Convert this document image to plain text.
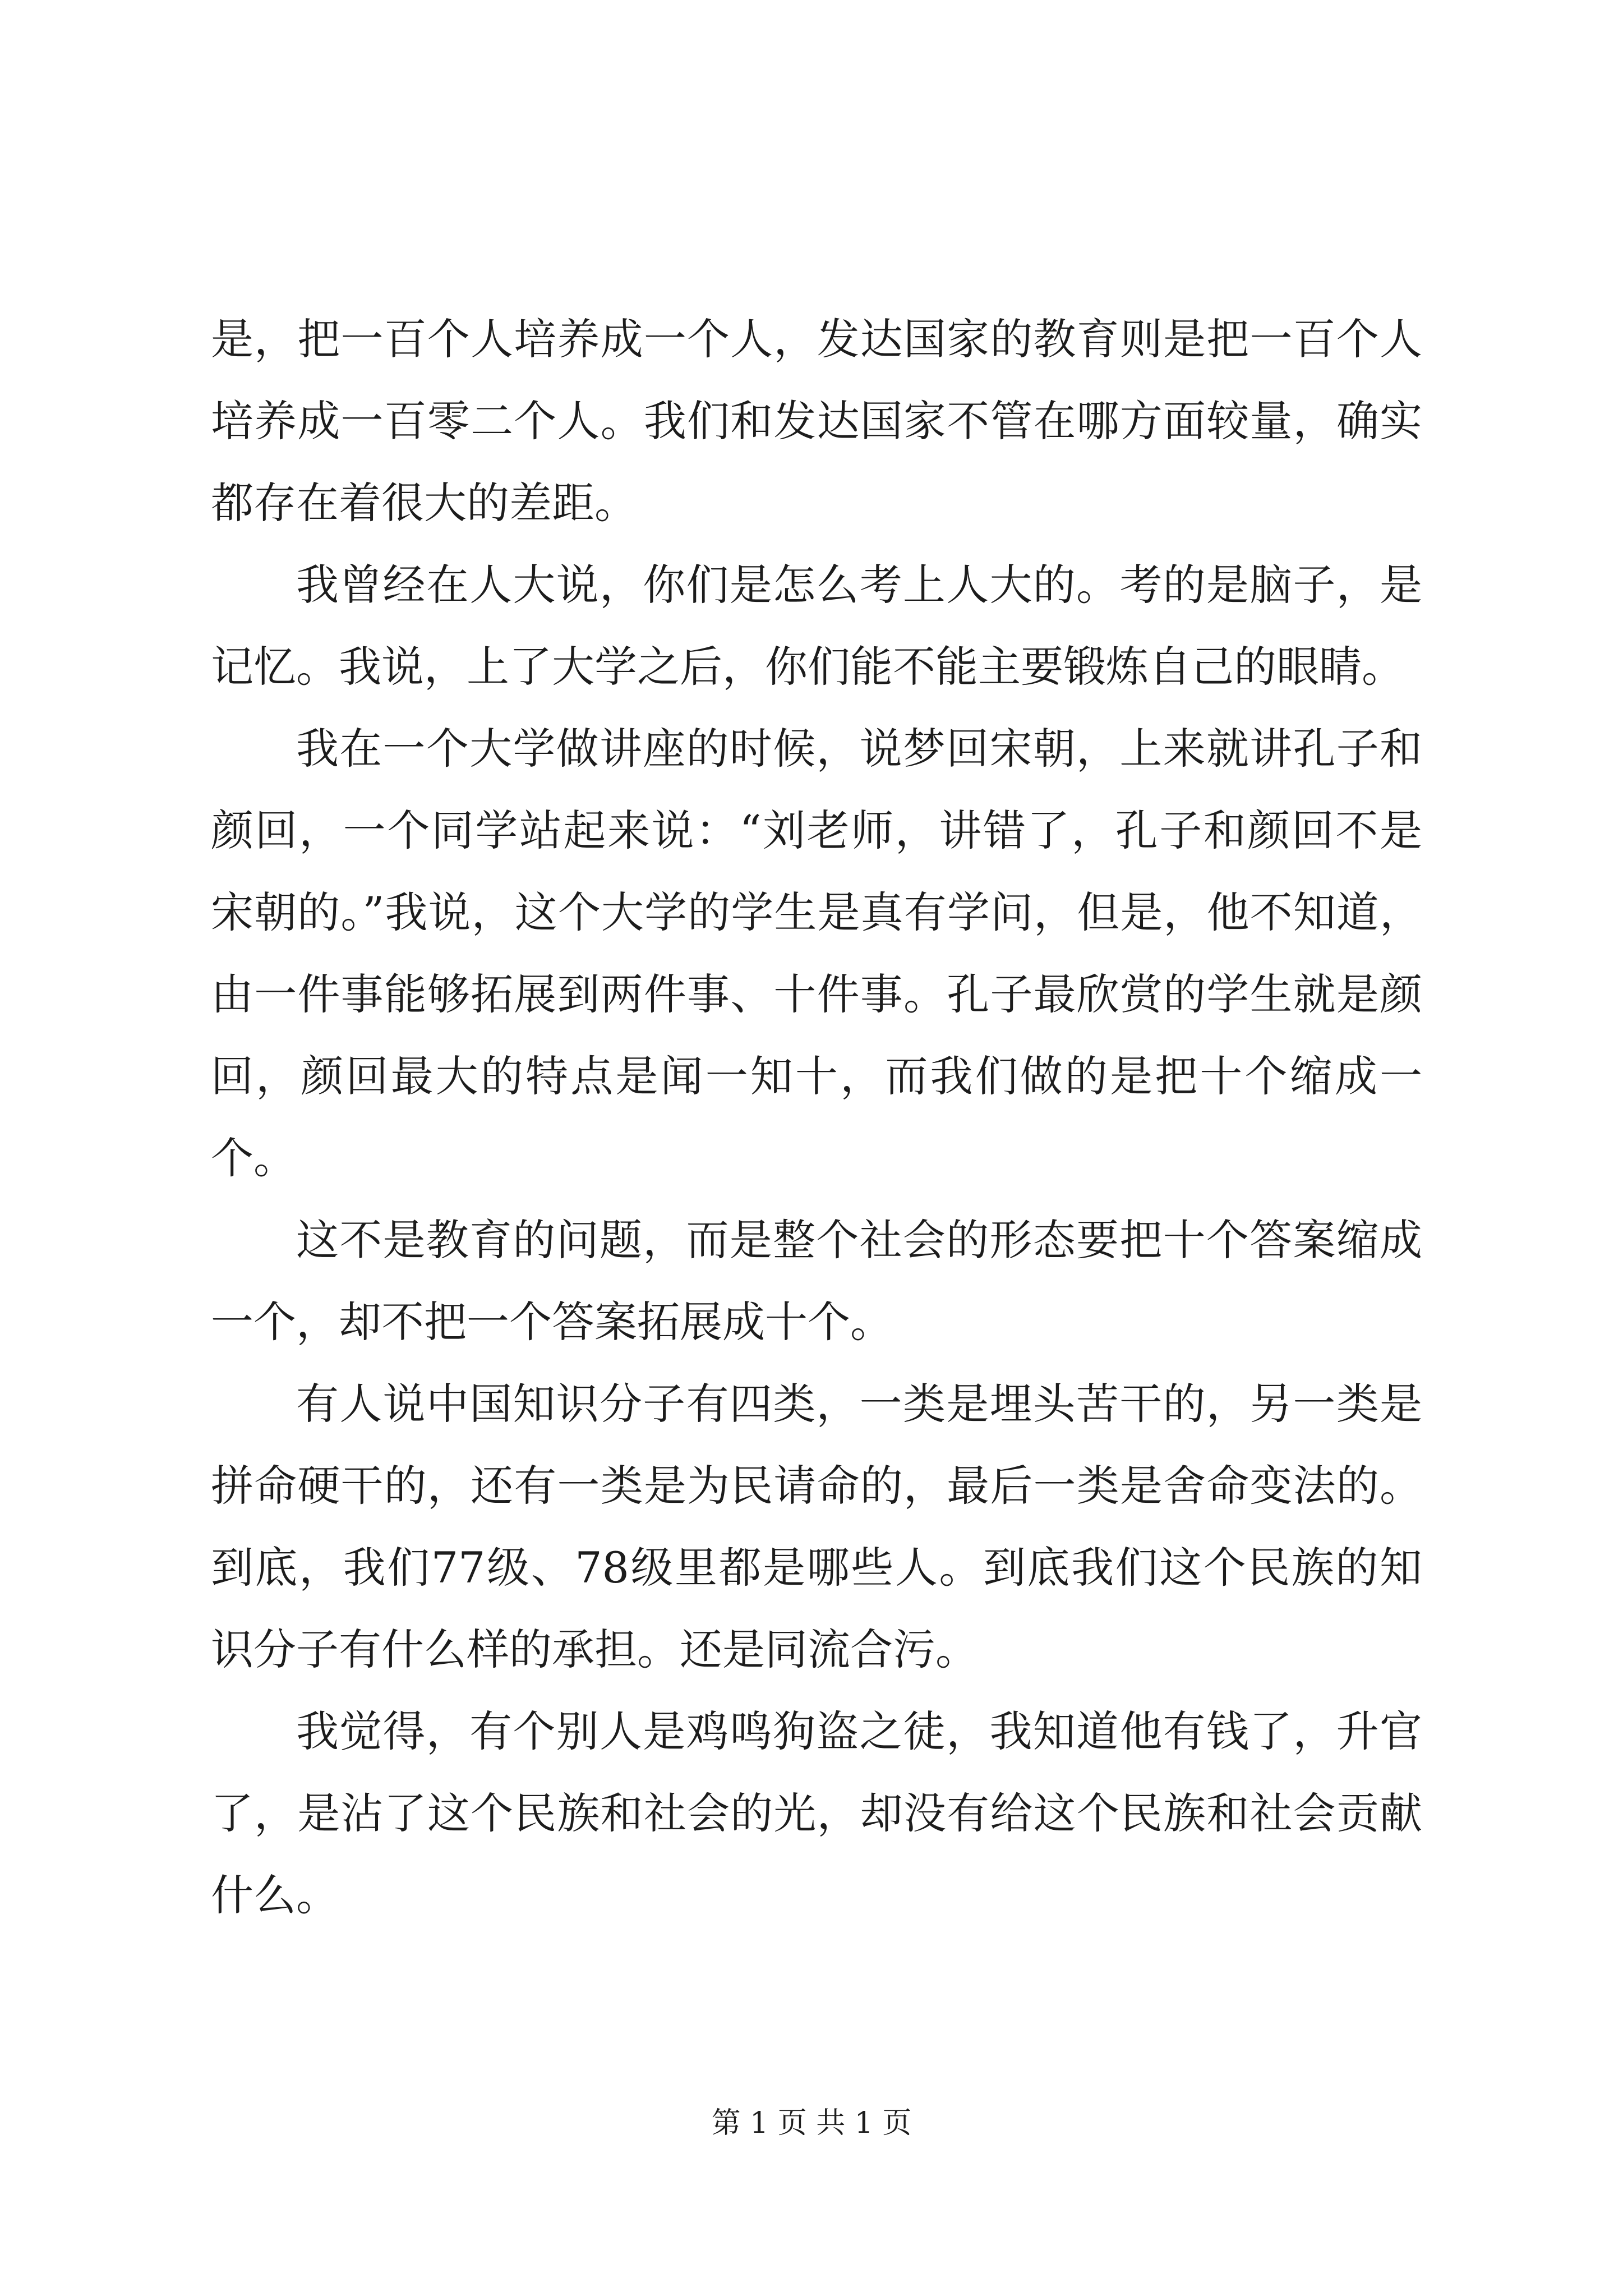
是，把一百个人培养成一个人，发达国家的教育则是把一百个人培养成一百零二个人。我们和发达国家不管在哪方面较量，确实都存在着很大的差距。

我曾经在人大说，你们是怎么考上人大的。考的是脑子，是记忆。我说，上了大学之后，你们能不能主要锻炼自己的眼睛。

我在一个大学做讲座的时候，说梦回宋朝，上来就讲孔子和颜回，一个同学站起来说：“刘老师，讲错了，孔子和颜回不是宋朝的。”我说，这个大学的学生是真有学问，但是，他不知道，由一件事能够拓展到两件事、十件事。孔子最欣赏的学生就是颜回，颜回最大的特点是闻一知十，而我们做的是把十个缩成一个。

这不是教育的问题，而是整个社会的形态要把十个答案缩成一个，却不把一个答案拓展成十个。

有人说中国知识分子有四类，一类是埋头苦干的，另一类是拼命硬干的，还有一类是为民请命的，最后一类是舍命变法的。到底，我们77级、78级里都是哪些人。到底我们这个民族的知识分子有什么样的承担。还是同流合污。

我觉得，有个别人是鸡鸣狗盗之徒，我知道他有钱了，升官了，是沾了这个民族和社会的光，却没有给这个民族和社会贡献什么。

第 1 页 共 1 页
